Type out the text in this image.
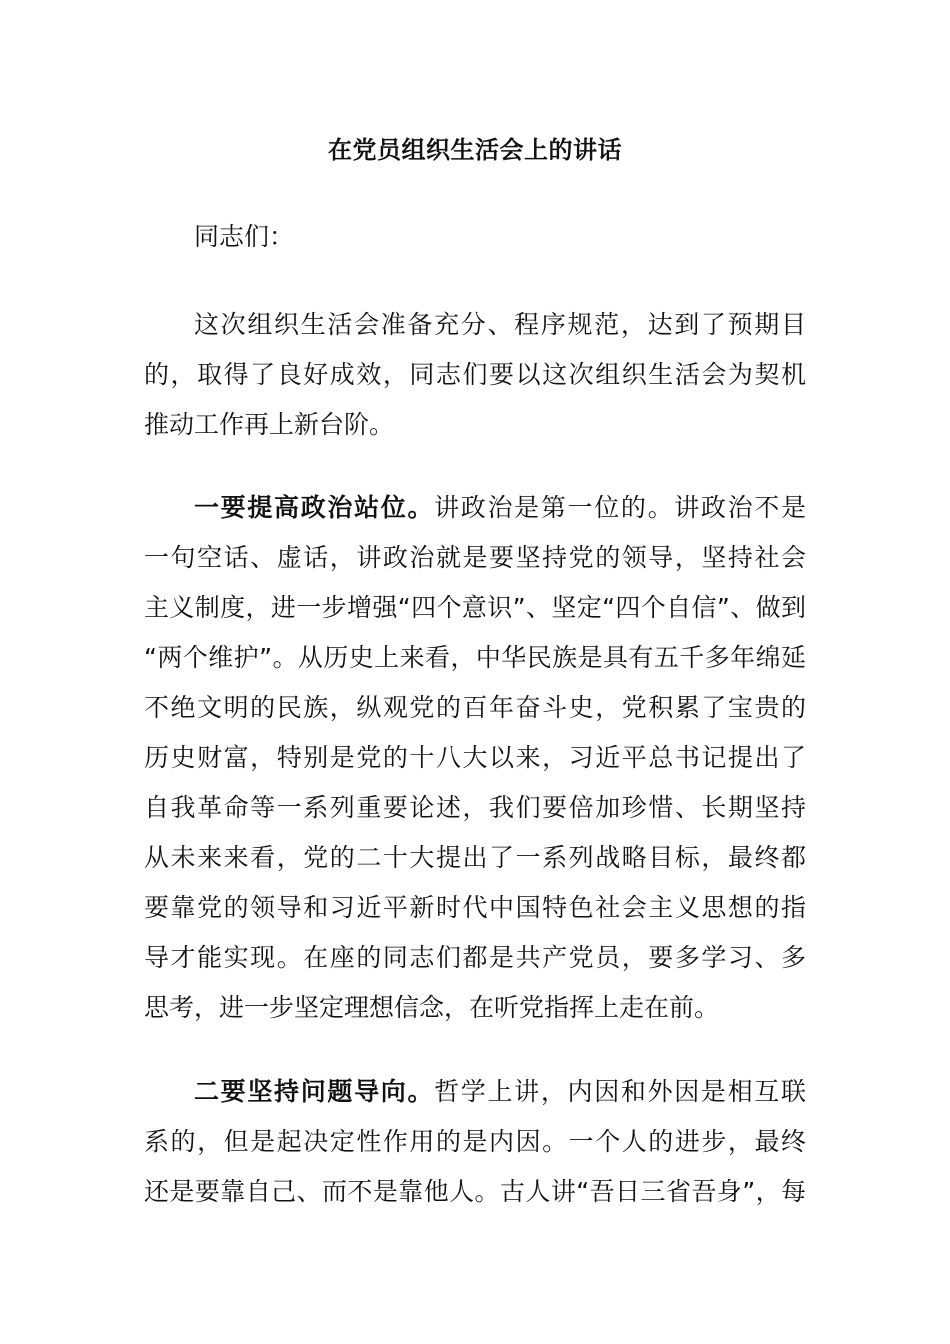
在党员组织生活会上的讲话
同志们：
这次组织生活会准备充分、程序规范，达到了预期目
的，取得了良好成效，同志们要以这次组织生活会为契机
推动工作再上新台阶。
一要提高政治站位。讲政治是第一位的。讲政治不是
一句空话、虚话，讲政治就是要坚持党的领导，坚持社会
主义制度，进一步增强“四个意识”、坚定“四个自信”、做到
“两个维护”。从历史上来看，中华民族是具有五千多年绵延
不绝文明的民族，纵观党的百年奋斗史，党积累了宝贵的
历史财富，特别是党的十八大以来，习近平总书记提出了
自我革命等一系列重要论述，我们要倍加珍惜、长期坚持
从未来来看，党的二十大提出了一系列战略目标，最终都
要靠党的领导和习近平新时代中国特色社会主义思想的指
导才能实现。在座的同志们都是共产党员，要多学习、多
思考，进一步坚定理想信念，在听党指挥上走在前。
二要坚持问题导向。哲学上讲，内因和外因是相互联
系的，但是起决定性作用的是内因。一个人的进步，最终
还是要靠自己、而不是靠他人。古人讲“吾日三省吾身”，每
